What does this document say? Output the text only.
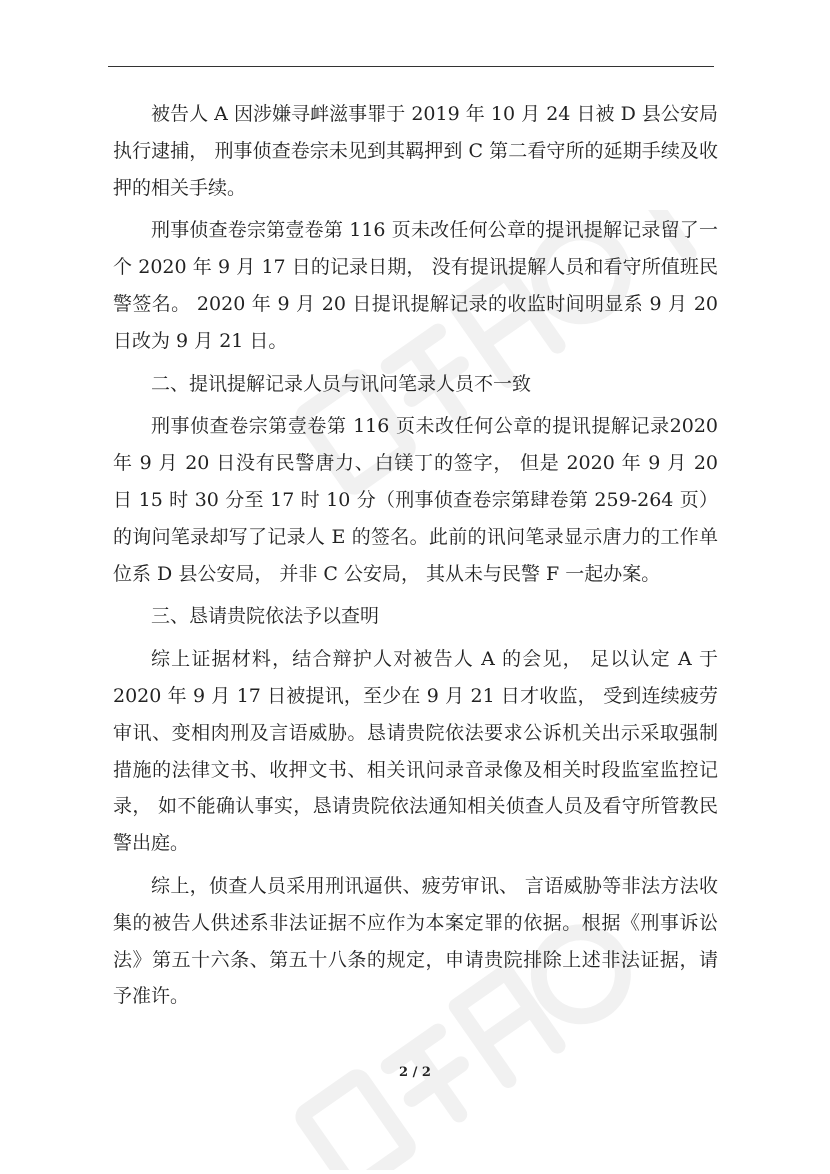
被告人 A 因涉嫌寻衅滋事罪于 2019 年 10 月 24 日被 D 县公安局执行逮捕， 刑事侦查卷宗未见到其羁押到 C 第二看守所的延期手续及收押的相关手续。

刑事侦查卷宗第壹卷第 116 页未改任何公章的提讯提解记录留了一个 2020 年 9 月 17 日的记录日期， 没有提讯提解人员和看守所值班民警签名。 2020 年 9 月 20 日提讯提解记录的收监时间明显系 9 月 20 日改为 9 月 21 日。

二、提讯提解记录人员与讯问笔录人员不一致

刑事侦查卷宗第壹卷第 116 页未改任何公章的提讯提解记录2020 年 9 月 20 日没有民警唐力、白镁丁的签字， 但是 2020 年 9 月 20 日 15 时 30 分至 17 时 10 分（刑事侦查卷宗第肆卷第 259-264 页） 的询问笔录却写了记录人 E 的签名。此前的讯问笔录显示唐力的工作单位系 D 县公安局， 并非 C 公安局， 其从未与民警 F 一起办案。

三、恳请贵院依法予以查明

综上证据材料，结合辩护人对被告人 A 的会见， 足以认定 A 于2020 年 9 月 17 日被提讯，至少在 9 月 21 日才收监， 受到连续疲劳审讯、变相肉刑及言语威胁。恳请贵院依法要求公诉机关出示采取强制措施的法律文书、收押文书、相关讯问录音录像及相关时段监室监控记录， 如不能确认事实，恳请贵院依法通知相关侦查人员及看守所管教民警出庭。

综上，侦查人员采用刑讯逼供、疲劳审讯、 言语威胁等非法方法收集的被告人供述系非法证据不应作为本案定罪的依据。根据《刑事诉讼法》第五十六条、第五十八条的规定，申请贵院排除上述非法证据，请予准许。

2 / 2
